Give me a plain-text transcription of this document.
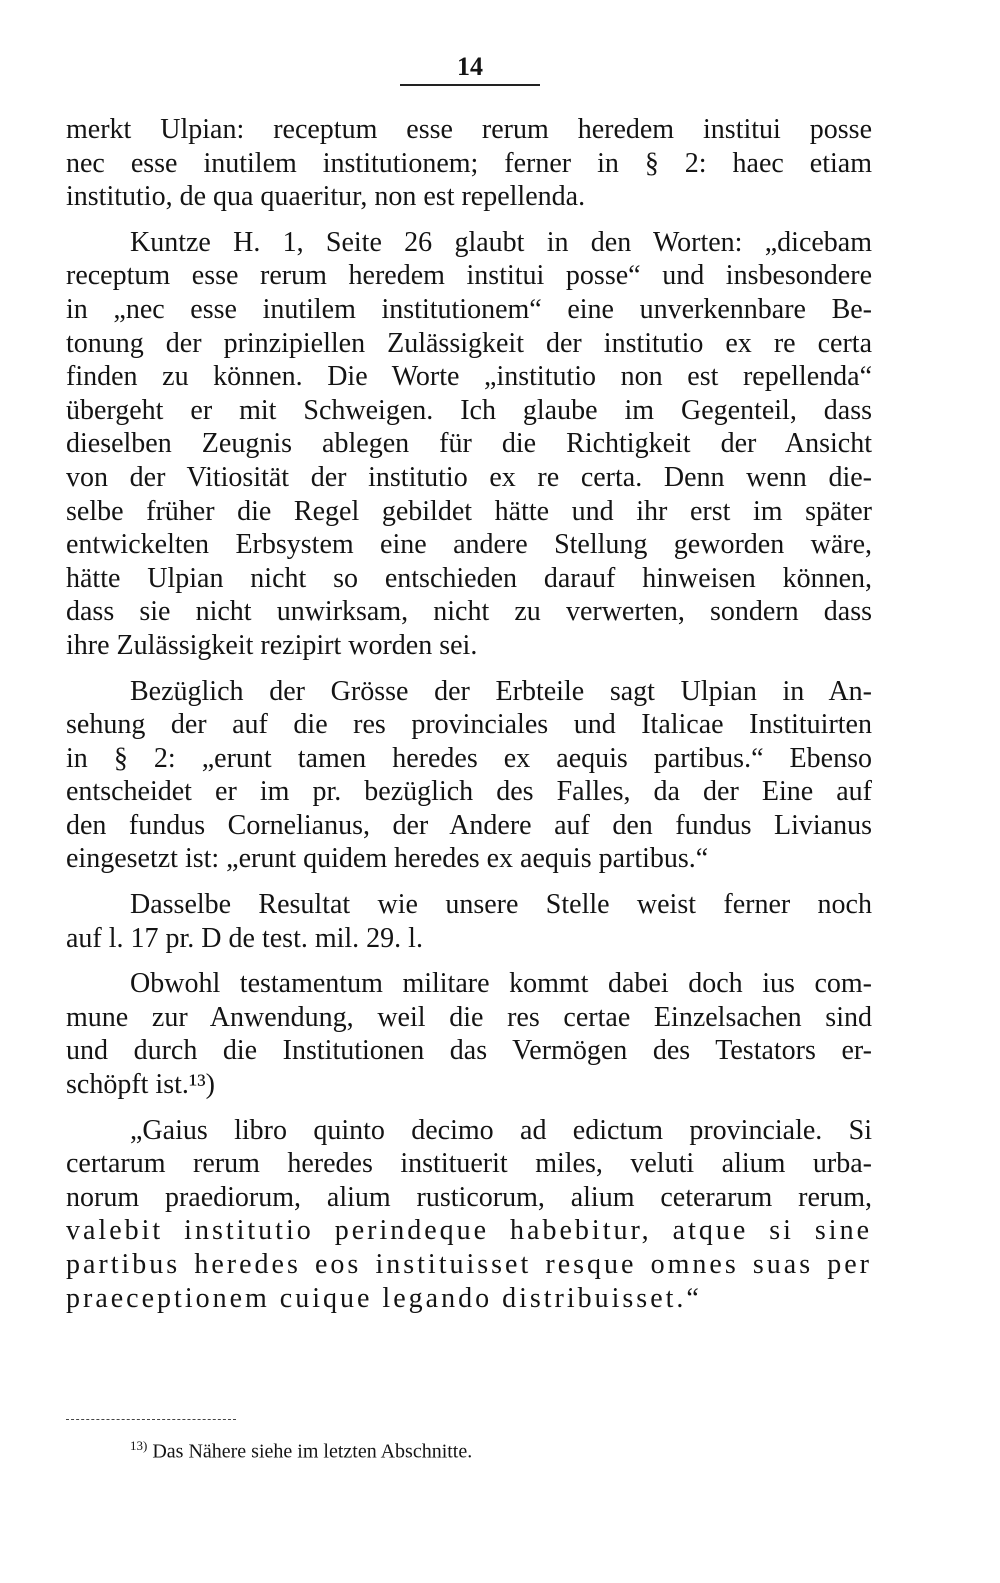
14

merkt Ulpian: receptum esse rerum heredem institui posse
nec esse inutilem institutionem; ferner in § 2: haec etiam
institutio, de qua quaeritur, non est repellenda.

Kuntze H. 1, Seite 26 glaubt in den Worten: „dicebam
receptum esse rerum heredem institui posse“ und insbesondere
in „nec esse inutilem institutionem“ eine unverkennbare Be-
tonung der prinzipiellen Zulässigkeit der institutio ex re certa
finden zu können. Die Worte „institutio non est repellenda“
übergeht er mit Schweigen. Ich glaube im Gegenteil, dass
dieselben Zeugnis ablegen für die Richtigkeit der Ansicht
von der Vitiosität der institutio ex re certa. Denn wenn die-
selbe früher die Regel gebildet hätte und ihr erst im später
entwickelten Erbsystem eine andere Stellung geworden wäre,
hätte Ulpian nicht so entschieden darauf hinweisen können,
dass sie nicht unwirksam, nicht zu verwerten, sondern dass
ihre Zulässigkeit rezipirt worden sei.

Bezüglich der Grösse der Erbteile sagt Ulpian in An-
sehung der auf die res provinciales und Italicae Instituirten
in § 2: „erunt tamen heredes ex aequis partibus.“ Ebenso
entscheidet er im pr. bezüglich des Falles, da der Eine auf
den fundus Cornelianus, der Andere auf den fundus Livianus
eingesetzt ist: „erunt quidem heredes ex aequis partibus.“

Dasselbe Resultat wie unsere Stelle weist ferner noch
auf l. 17 pr. D de test. mil. 29. l.

Obwohl testamentum militare kommt dabei doch ius com-
mune zur Anwendung, weil die res certae Einzelsachen sind
und durch die Institutionen das Vermögen des Testators er-
schöpft ist.¹³)

„Gaius libro quinto decimo ad edictum provinciale. Si
certarum rerum heredes instituerit miles, veluti alium urba-
norum praediorum, alium rusticorum, alium ceterarum rerum,
valebit institutio perindeque habebitur, atque si sine
partibus heredes eos instituisset resque omnes suas per
praeceptionem cuique legando distribuisset.“

$^{13)}$ Das Nähere siehe im letzten Abschnitte.
